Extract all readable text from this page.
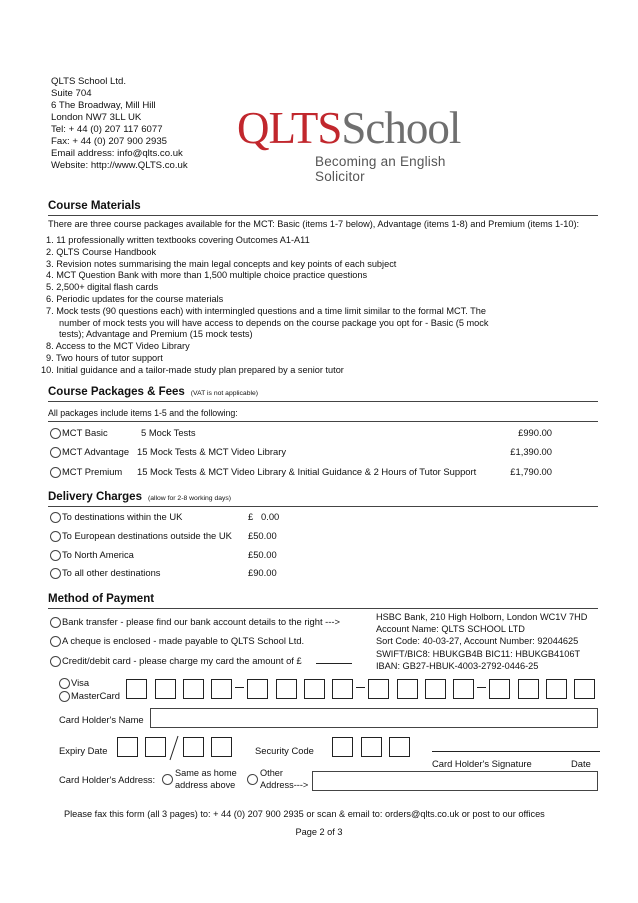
QLTS School Ltd.
Suite 704
6 The Broadway, Mill Hill
London NW7 3LL UK
Tel: + 44 (0) 207 117 6077
Fax: + 44 (0) 207 900 2935
Email address: info@qlts.co.uk
Website: http://www.QLTS.co.uk
QLTSSchool
Becoming an English Solicitor
Course Materials
There are three course packages available for the MCT: Basic (items 1-7 below), Advantage (items 1-8) and Premium (items 1-10):
1. 11 professionally written textbooks covering Outcomes A1-A11
2. QLTS Course Handbook
3. Revision notes summarising the main legal concepts and key points of each subject
4. MCT Question Bank with more than 1,500 multiple choice practice questions
5. 2,500+ digital flash cards
6. Periodic updates for the course materials
7. Mock tests (90 questions each) with intermingled questions and a time limit similar to the formal MCT. The
number of mock tests you will have access to depends on the course package you opt for - Basic (5 mock
tests); Advantage and Premium (15 mock tests)
8. Access to the MCT Video Library
9. Two hours of tutor support
10. Initial guidance and a tailor-made study plan prepared by a senior tutor
Course Packages & Fees (VAT is not applicable)
All packages include items 1-5 and the following:
MCT Basic	5 Mock Tests	£990.00
MCT Advantage 15 Mock Tests & MCT Video Library	£1,390.00
MCT Premium 15 Mock Tests & MCT Video Library & Initial Guidance & 2 Hours of Tutor Support	£1,790.00
Delivery Charges (allow for 2-8 working days)
To destinations within the UK	£   0.00
To European destinations outside the UK £50.00
To North America	£50.00
To all other destinations	£90.00
Method of Payment
Bank transfer - please find our bank account details to the right --->
A cheque is enclosed - made payable to QLTS School Ltd.
Credit/debit card - please charge my card the amount of £
HSBC Bank, 210 High Holborn, London WC1V 7HD
Account Name: QLTS SCHOOL LTD
Sort Code: 40-03-27, Account Number: 92044625
SWIFT/BIC8: HBUKGB4B BIC11: HBUKGB4106T
IBAN: GB27-HBUK-4003-2792-0446-25
Visa
MasterCard
Card Holder's Name
Expiry Date	Security Code
Card Holder's Signature	Date
Card Holder's Address:
Same as home
address above
Other
Address--->
Please fax this form (all 3 pages) to: + 44 (0) 207 900 2935 or scan & email to: orders@qlts.co.uk or post to our offices
Page 2 of 3
